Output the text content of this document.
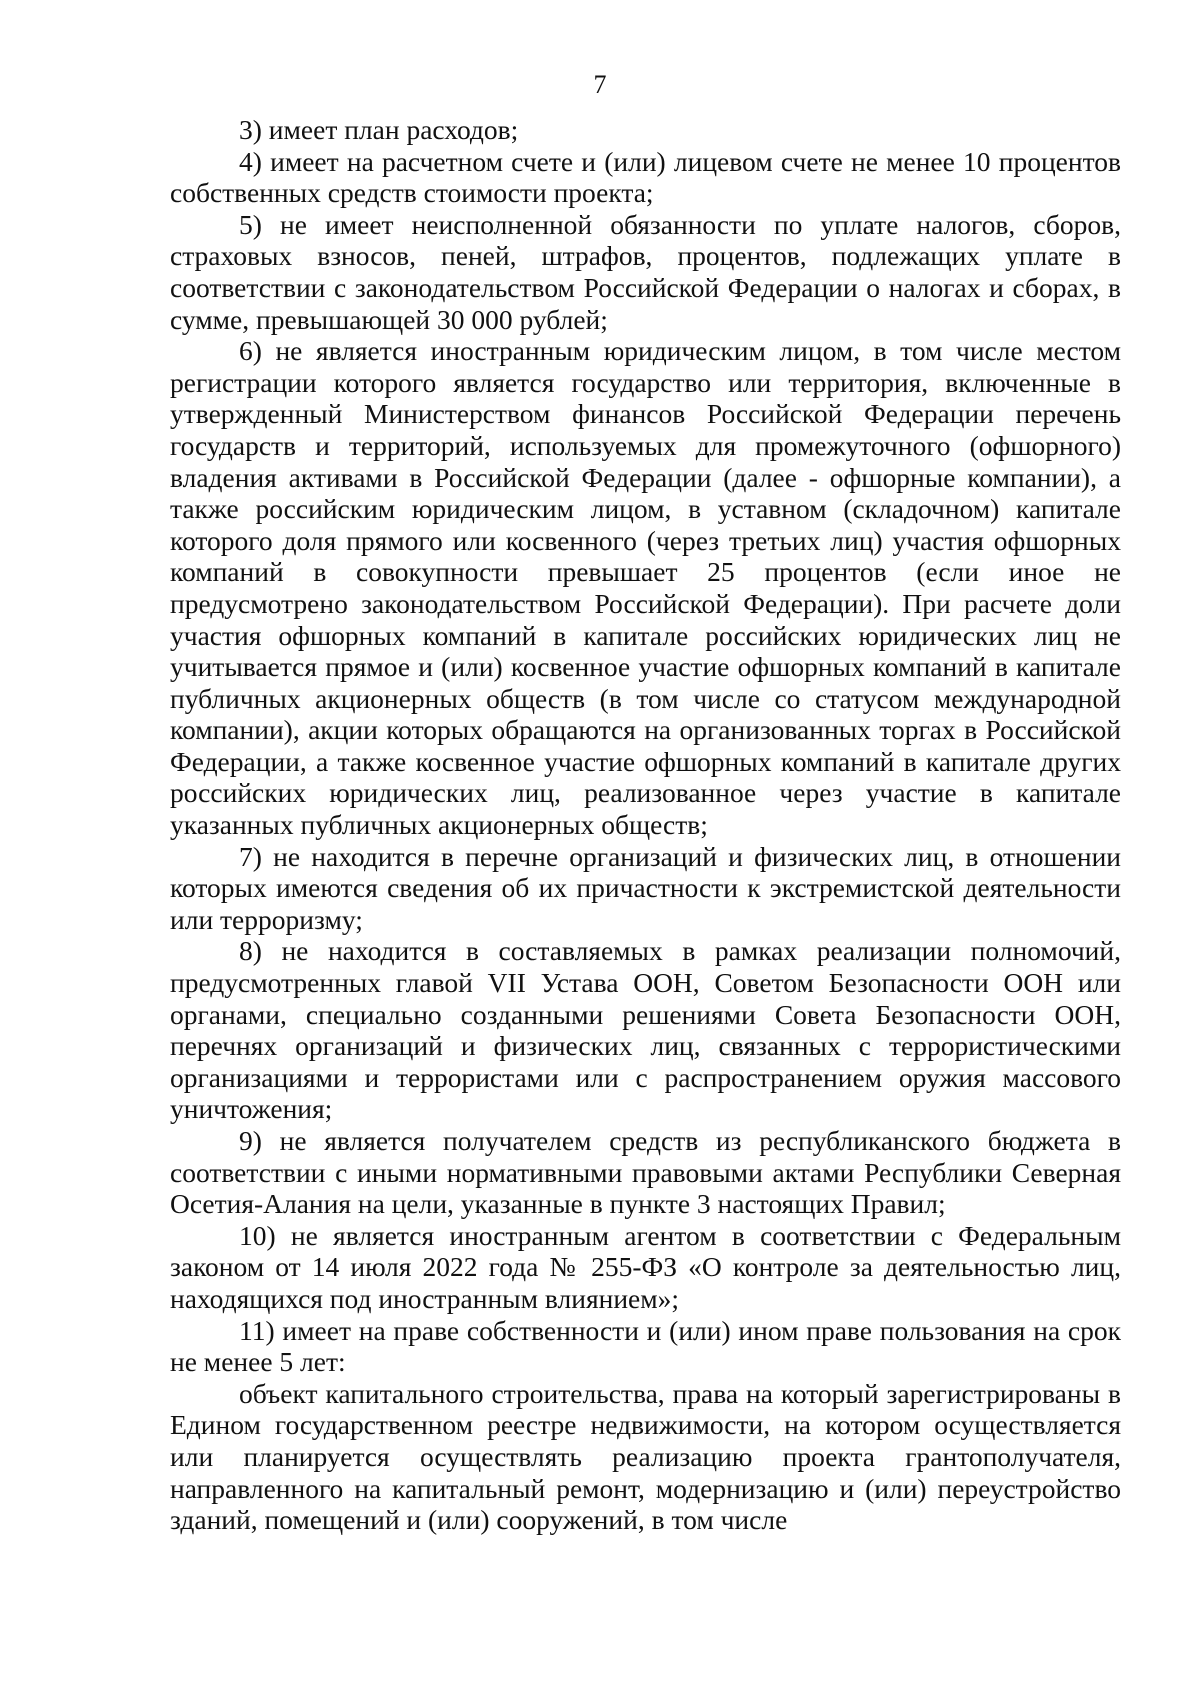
7

3) имеет план расходов;

4) имеет на расчетном счете и (или) лицевом счете не менее 10 процентов собственных средств стоимости проекта;

5) не имеет неисполненной обязанности по уплате налогов, сборов, страховых взносов, пеней, штрафов, процентов, подлежащих уплате в соответствии с законодательством Российской Федерации о налогах и сборах, в сумме, превышающей 30 000 рублей;

6) не является иностранным юридическим лицом, в том числе местом регистрации которого является государство или территория, включенные в утвержденный Министерством финансов Российской Федерации перечень государств и территорий, используемых для промежуточного (офшорного) владения активами в Российской Федерации (далее - офшорные компании), а также российским юридическим лицом, в уставном (складочном) капитале которого доля прямого или косвенного (через третьих лиц) участия офшорных компаний в совокупности превышает 25 процентов (если иное не предусмотрено законодательством Российской Федерации). При расчете доли участия офшорных компаний в капитале российских юридических лиц не учитывается прямое и (или) косвенное участие офшорных компаний в капитале публичных акционерных обществ (в том числе со статусом международной компании), акции которых обращаются на организованных торгах в Российской Федерации, а также косвенное участие офшорных компаний в капитале других российских юридических лиц, реализованное через участие в капитале указанных публичных акционерных обществ;

7) не находится в перечне организаций и физических лиц, в отношении которых имеются сведения об их причастности к экстремистской деятельности или терроризму;

8) не находится в составляемых в рамках реализации полномочий, предусмотренных главой VII Устава ООН, Советом Безопасности ООН или органами, специально созданными решениями Совета Безопасности ООН, перечнях организаций и физических лиц, связанных с террористическими организациями и террористами или с распространением оружия массового уничтожения;

9) не является получателем средств из республиканского бюджета в соответствии с иными нормативными правовыми актами Республики Северная Осетия-Алания на цели, указанные в пункте 3 настоящих Правил;

10) не является иностранным агентом в соответствии с Федеральным законом от 14 июля 2022 года № 255-ФЗ «О контроле за деятельностью лиц, находящихся под иностранным влиянием»;

11) имеет на праве собственности и (или) ином праве пользования на срок не менее 5 лет:

объект капитального строительства, права на который зарегистрированы в Едином государственном реестре недвижимости, на котором осуществляется или планируется осуществлять реализацию проекта грантополучателя, направленного на капитальный ремонт, модернизацию и (или) переустройство зданий, помещений и (или) сооружений, в том числе
